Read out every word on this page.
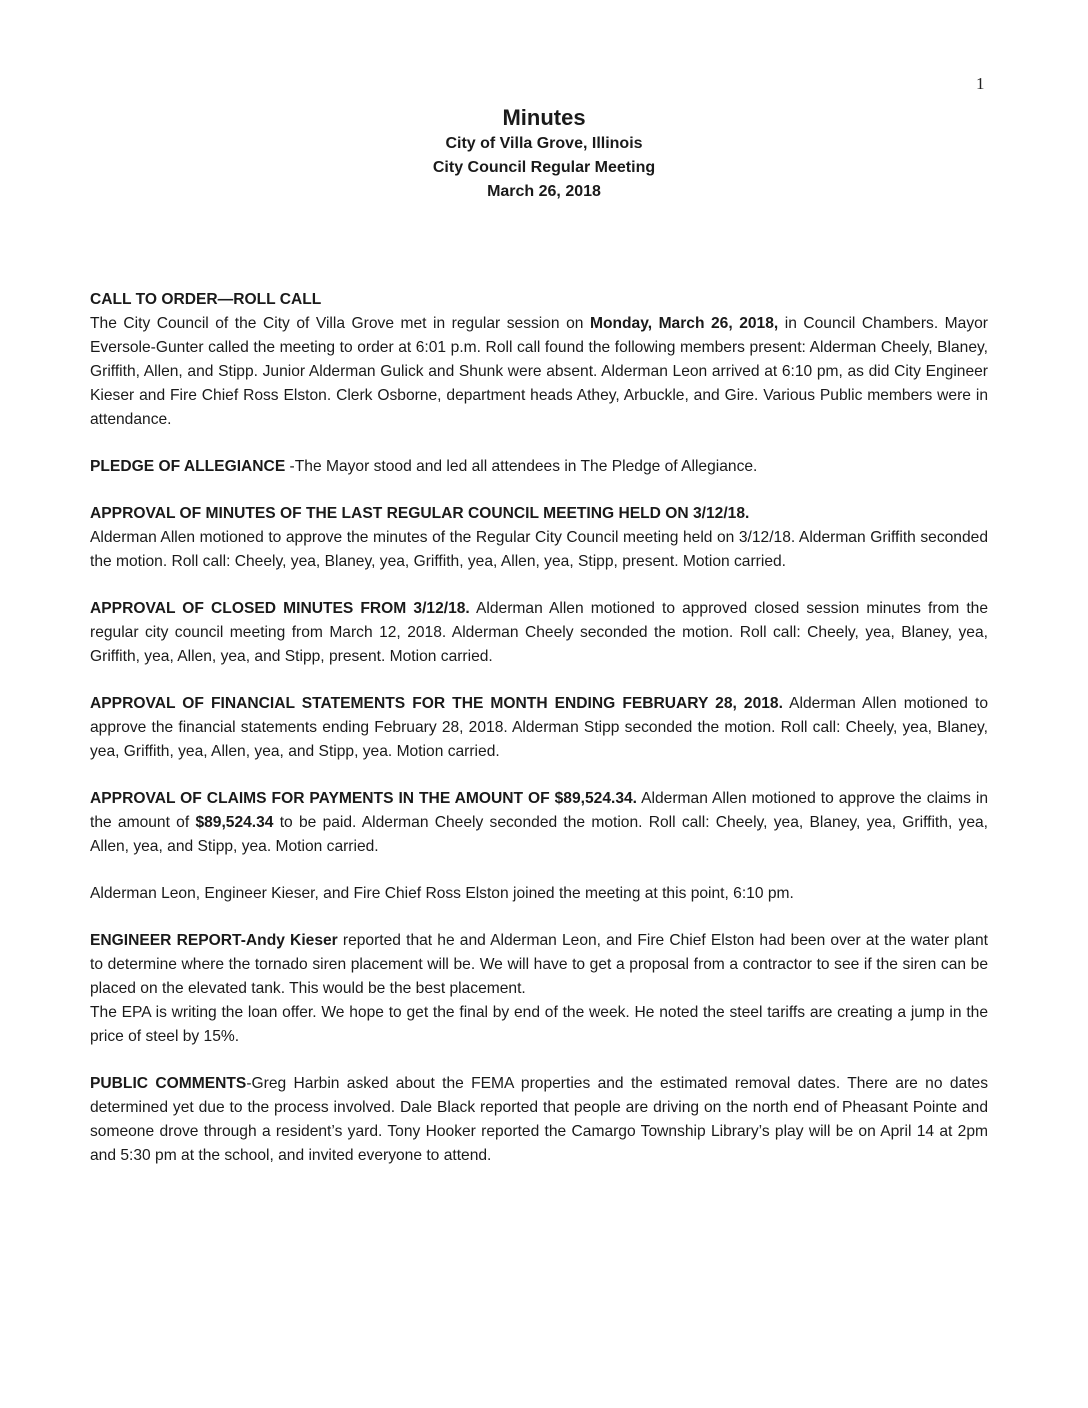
1
Minutes
City of Villa Grove, Illinois
City Council Regular Meeting
March 26, 2018

CALL TO ORDER—ROLL CALL
The City Council of the City of Villa Grove met in regular session on Monday, March 26, 2018, in Council Chambers. Mayor Eversole-Gunter called the meeting to order at 6:01 p.m. Roll call found the following members present: Alderman Cheely, Blaney, Griffith, Allen, and Stipp. Junior Alderman Gulick and Shunk were absent. Alderman Leon arrived at 6:10 pm, as did City Engineer Kieser and Fire Chief Ross Elston. Clerk Osborne, department heads Athey, Arbuckle, and Gire. Various Public members were in attendance.

PLEDGE OF ALLEGIANCE -The Mayor stood and led all attendees in The Pledge of Allegiance.

APPROVAL OF MINUTES OF THE LAST REGULAR COUNCIL MEETING HELD ON 3/12/18.
Alderman Allen motioned to approve the minutes of the Regular City Council meeting held on 3/12/18. Alderman Griffith seconded the motion. Roll call: Cheely, yea, Blaney, yea, Griffith, yea, Allen, yea, Stipp, present. Motion carried.

APPROVAL OF CLOSED MINUTES FROM 3/12/18. Alderman Allen motioned to approved closed session minutes from the regular city council meeting from March 12, 2018. Alderman Cheely seconded the motion. Roll call: Cheely, yea, Blaney, yea, Griffith, yea, Allen, yea, and Stipp, present. Motion carried.

APPROVAL OF FINANCIAL STATEMENTS FOR THE MONTH ENDING FEBRUARY 28, 2018. Alderman Allen motioned to approve the financial statements ending February 28, 2018. Alderman Stipp seconded the motion. Roll call: Cheely, yea, Blaney, yea, Griffith, yea, Allen, yea, and Stipp, yea. Motion carried.

APPROVAL OF CLAIMS FOR PAYMENTS IN THE AMOUNT OF $89,524.34. Alderman Allen motioned to approve the claims in the amount of $89,524.34 to be paid. Alderman Cheely seconded the motion. Roll call: Cheely, yea, Blaney, yea, Griffith, yea, Allen, yea, and Stipp, yea. Motion carried.

Alderman Leon, Engineer Kieser, and Fire Chief Ross Elston joined the meeting at this point, 6:10 pm.

ENGINEER REPORT-Andy Kieser reported that he and Alderman Leon, and Fire Chief Elston had been over at the water plant to determine where the tornado siren placement will be. We will have to get a proposal from a contractor to see if the siren can be placed on the elevated tank. This would be the best placement.

The EPA is writing the loan offer. We hope to get the final by end of the week. He noted the steel tariffs are creating a jump in the price of steel by 15%.

PUBLIC COMMENTS-Greg Harbin asked about the FEMA properties and the estimated removal dates. There are no dates determined yet due to the process involved. Dale Black reported that people are driving on the north end of Pheasant Pointe and someone drove through a resident’s yard. Tony Hooker reported the Camargo Township Library’s play will be on April 14 at 2pm and 5:30 pm at the school, and invited everyone to attend.
